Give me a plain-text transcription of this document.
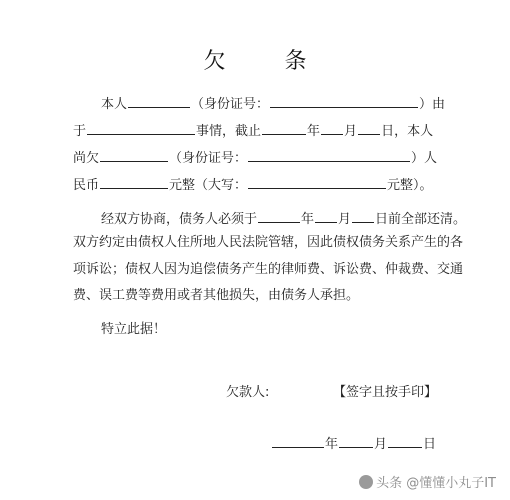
欠 条
本人	（身份证号：	）由
于	事情，截止	年 月 日，本人
尚欠	（身份证号：	）人
民币	元整（大写：	元整）。
经双方协商，债务人必须于	年 月 日前全部还清。
双方约定由债权人住所地人民法院管辖，因此债权债务关系产生的各
项诉讼；债权人因为追偿债务产生的律师费、诉讼费、仲裁费、交通
费、误工费等费用或者其他损失，由债务人承担。
特立此据！
欠款人:	【签字且按手印】
年	月	日
头条 @懂懂小丸子IT
